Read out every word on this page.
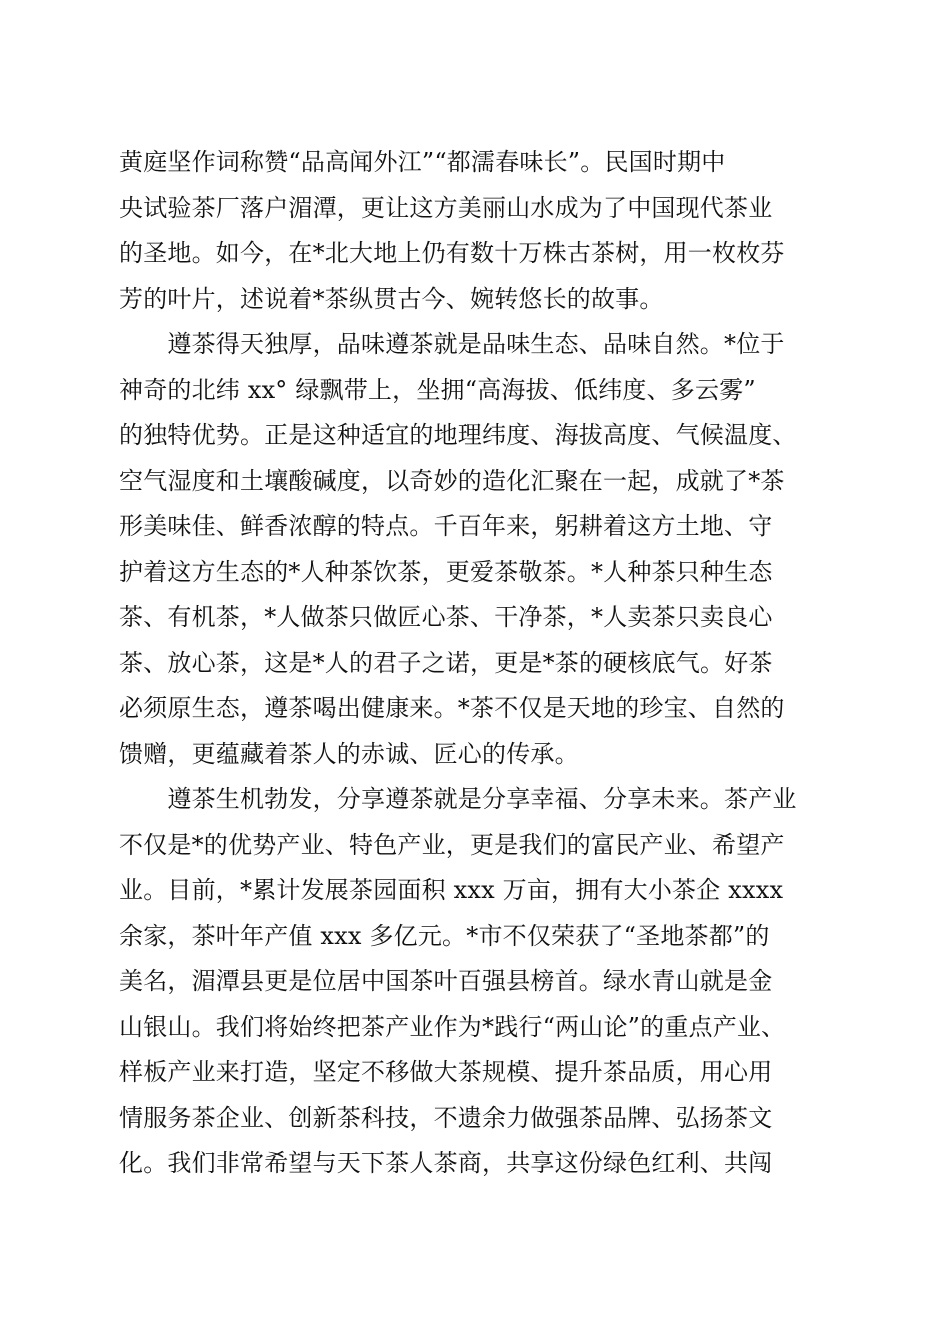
黄庭坚作词称赞“品高闻外江”“都濡春味长”。民国时期中
央试验茶厂落户湄潭，更让这方美丽山水成为了中国现代茶业
的圣地。如今，在*北大地上仍有数十万株古茶树，用一枚枚芬
芳的叶片，述说着*茶纵贯古今、婉转悠长的故事。
　　遵茶得天独厚，品味遵茶就是品味生态、品味自然。*位于
神奇的北纬 xx° 绿飘带上，坐拥“高海拔、低纬度、多云雾”
的独特优势。正是这种适宜的地理纬度、海拔高度、气候温度、
空气湿度和土壤酸碱度，以奇妙的造化汇聚在一起，成就了*茶
形美味佳、鲜香浓醇的特点。千百年来，躬耕着这方土地、守
护着这方生态的*人种茶饮茶，更爱茶敬茶。*人种茶只种生态
茶、有机茶，*人做茶只做匠心茶、干净茶，*人卖茶只卖良心
茶、放心茶，这是*人的君子之诺，更是*茶的硬核底气。好茶
必须原生态，遵茶喝出健康来。*茶不仅是天地的珍宝、自然的
馈赠，更蕴藏着茶人的赤诚、匠心的传承。
　　遵茶生机勃发，分享遵茶就是分享幸福、分享未来。茶产业
不仅是*的优势产业、特色产业，更是我们的富民产业、希望产
业。目前，*累计发展茶园面积 xxx 万亩，拥有大小茶企 xxxx
余家，茶叶年产值 xxx 多亿元。*市不仅荣获了“圣地茶都”的
美名，湄潭县更是位居中国茶叶百强县榜首。绿水青山就是金
山银山。我们将始终把茶产业作为*践行“两山论”的重点产业、
样板产业来打造，坚定不移做大茶规模、提升茶品质，用心用
情服务茶企业、创新茶科技，不遗余力做强茶品牌、弘扬茶文
化。我们非常希望与天下茶人茶商，共享这份绿色红利、共闯
